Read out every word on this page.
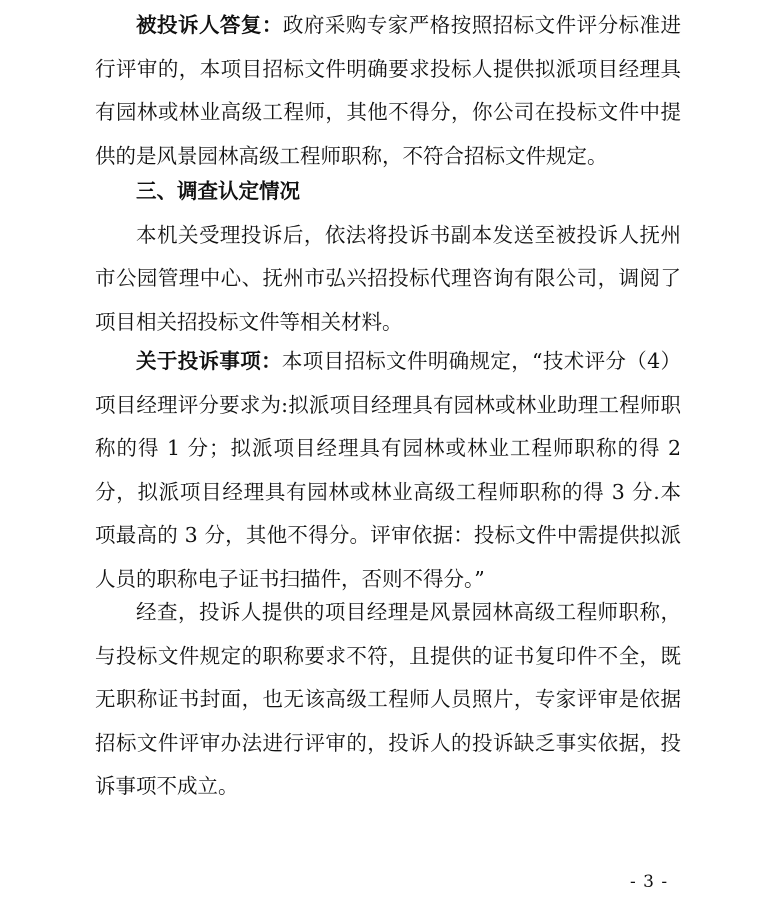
被投诉人答复：政府采购专家严格按照招标文件评分标准进行评审的，本项目招标文件明确要求投标人提供拟派项目经理具有园林或林业高级工程师，其他不得分，你公司在投标文件中提供的是风景园林高级工程师职称，不符合招标文件规定。

三、调查认定情况

本机关受理投诉后，依法将投诉书副本发送至被投诉人抚州市公园管理中心、抚州市弘兴招投标代理咨询有限公司，调阅了项目相关招投标文件等相关材料。

关于投诉事项：本项目招标文件明确规定，“技术评分（4）项目经理评分要求为:拟派项目经理具有园林或林业助理工程师职称的得 1 分；拟派项目经理具有园林或林业工程师职称的得 2 分，拟派项目经理具有园林或林业高级工程师职称的得 3 分.本项最高的 3 分，其他不得分。评审依据：投标文件中需提供拟派人员的职称电子证书扫描件，否则不得分。”

经查，投诉人提供的项目经理是风景园林高级工程师职称，与投标文件规定的职称要求不符，且提供的证书复印件不全，既无职称证书封面，也无该高级工程师人员照片，专家评审是依据招标文件评审办法进行评审的，投诉人的投诉缺乏事实依据，投诉事项不成立。

- 3 -
